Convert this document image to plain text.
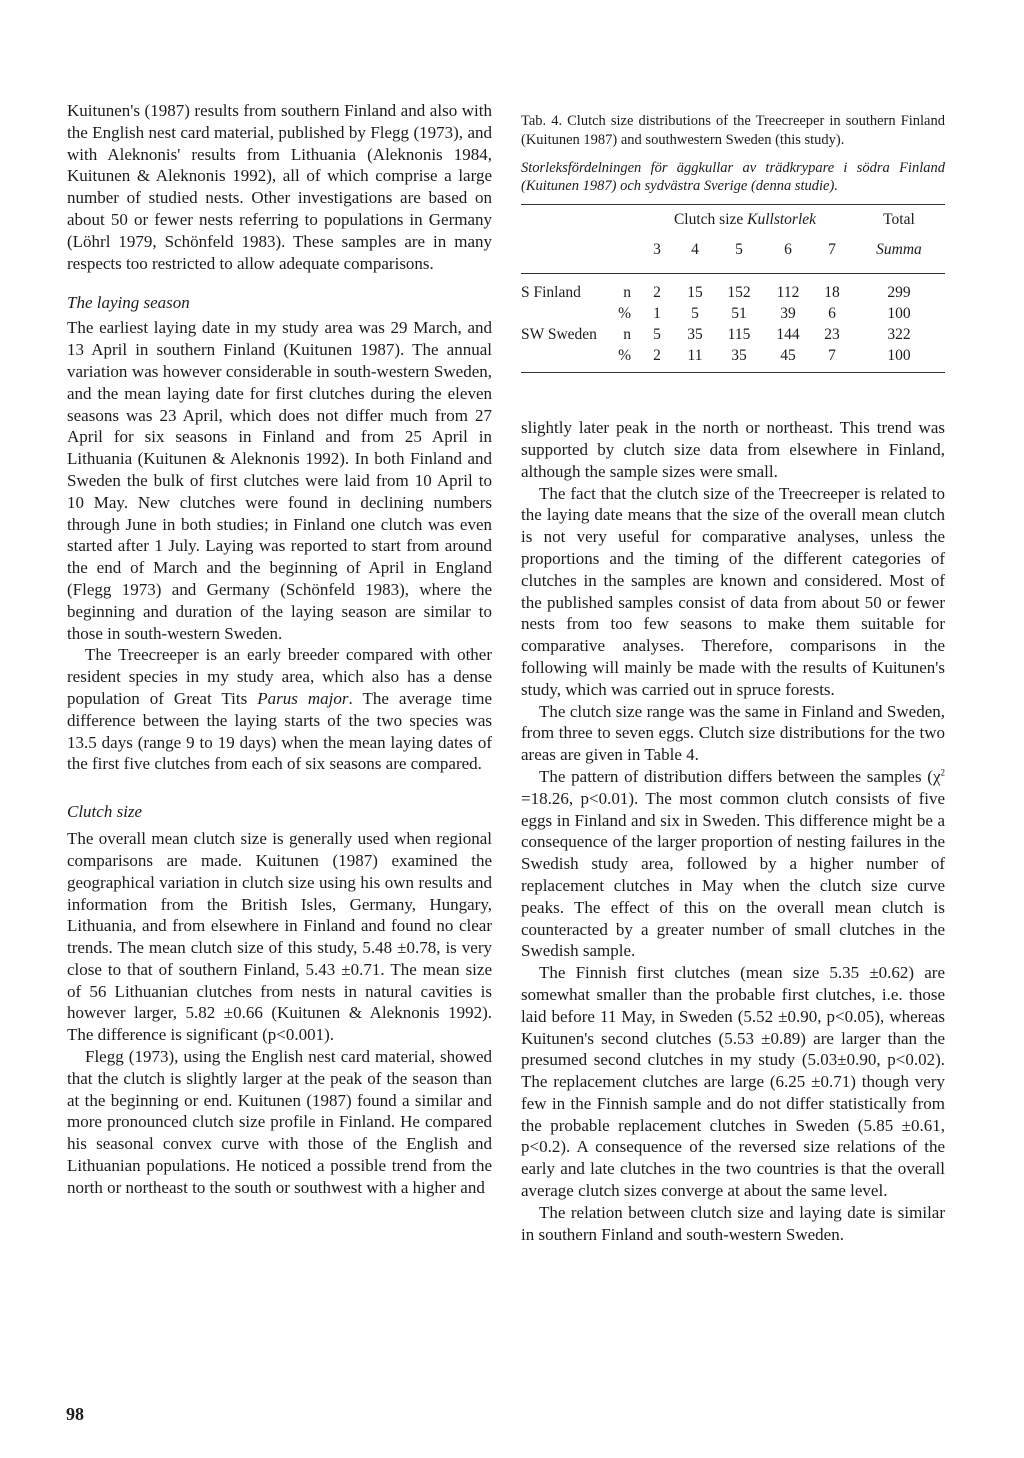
Kuitunen's (1987) results from southern Finland and also with the English nest card material, published by Flegg (1973), and with Aleknonis' results from Lithuania (Aleknonis 1984, Kuitunen & Aleknonis 1992), all of which comprise a large number of studied nests. Other investigations are based on about 50 or fewer nests referring to populations in Germany (Löhrl 1979, Schönfeld 1983). These samples are in many respects too restricted to allow adequate comparisons.

The laying season

The earliest laying date in my study area was 29 March, and 13 April in southern Finland (Kuitunen 1987). The annual variation was however considerable in south-western Sweden, and the mean laying date for first clutches during the eleven seasons was 23 April, which does not differ much from 27 April for six seasons in Finland and from 25 April in Lithuania (Kuitunen & Aleknonis 1992). In both Finland and Sweden the bulk of first clutches were laid from 10 April to 10 May. New clutches were found in declining numbers through June in both studies; in Finland one clutch was even started after 1 July. Laying was reported to start from around the end of March and the beginning of April in England (Flegg 1973) and Germany (Schönfeld 1983), where the beginning and duration of the laying season are similar to those in south-western Sweden.

The Treecreeper is an early breeder compared with other resident species in my study area, which also has a dense population of Great Tits Parus major. The average time difference between the laying starts of the two species was 13.5 days (range 9 to 19 days) when the mean laying dates of the first five clutches from each of six seasons are compared.

Clutch size

The overall mean clutch size is generally used when regional comparisons are made. Kuitunen (1987) examined the geographical variation in clutch size using his own results and information from the British Isles, Germany, Hungary, Lithuania, and from elsewhere in Finland and found no clear trends. The mean clutch size of this study, 5.48 ±0.78, is very close to that of southern Finland, 5.43 ±0.71. The mean size of 56 Lithuanian clutches from nests in natural cavities is however larger, 5.82 ±0.66 (Kuitunen & Aleknonis 1992). The difference is significant (p<0.001).

Flegg (1973), using the English nest card material, showed that the clutch is slightly larger at the peak of the season than at the beginning or end. Kuitunen (1987) found a similar and more pronounced clutch size profile in Finland. He compared his seasonal convex curve with those of the English and Lithuanian populations. He noticed a possible trend from the north or northeast to the south or southwest with a higher and

Tab. 4. Clutch size distributions of the Treecreeper in southern Finland (Kuitunen 1987) and southwestern Sweden (this study).

Storleksfördelningen för äggkullar av trädkrypare i södra Finland (Kuitunen 1987) och sydvästra Sverige (denna studie).

		Clutch size Kullstorlek					Total
		3	4	5	6	7	Summa

S Finland	n	2	15	152	112	18	299
	%	1	5	51	39	6	100
SW Sweden	n	5	35	115	144	23	322
	%	2	11	35	45	7	100

slightly later peak in the north or northeast. This trend was supported by clutch size data from elsewhere in Finland, although the sample sizes were small.

The fact that the clutch size of the Treecreeper is related to the laying date means that the size of the overall mean clutch is not very useful for comparative analyses, unless the proportions and the timing of the different categories of clutches in the samples are known and considered. Most of the published samples consist of data from about 50 or fewer nests from too few seasons to make them suitable for comparative analyses. Therefore, comparisons in the following will mainly be made with the results of Kuitunen's study, which was carried out in spruce forests.

The clutch size range was the same in Finland and Sweden, from three to seven eggs. Clutch size distributions for the two areas are given in Table 4.

The pattern of distribution differs between the samples ($\chi^2 =18.26$, p<0.01). The most common clutch consists of five eggs in Finland and six in Sweden. This difference might be a consequence of the larger proportion of nesting failures in the Swedish study area, followed by a higher number of replacement clutches in May when the clutch size curve peaks. The effect of this on the overall mean clutch is counteracted by a greater number of small clutches in the Swedish sample.

The Finnish first clutches (mean size 5.35 ±0.62) are somewhat smaller than the probable first clutches, i.e. those laid before 11 May, in Sweden (5.52 ±0.90, p<0.05), whereas Kuitunen's second clutches (5.53 ±0.89) are larger than the presumed second clutches in my study (5.03±0.90, p<0.02). The replacement clutches are large (6.25 ±0.71) though very few in the Finnish sample and do not differ statistically from the probable replacement clutches in Sweden (5.85 ±0.61, p<0.2). A consequence of the reversed size relations of the early and late clutches in the two countries is that the overall average clutch sizes converge at about the same level.

The relation between clutch size and laying date is similar in southern Finland and south-western Sweden.

98
